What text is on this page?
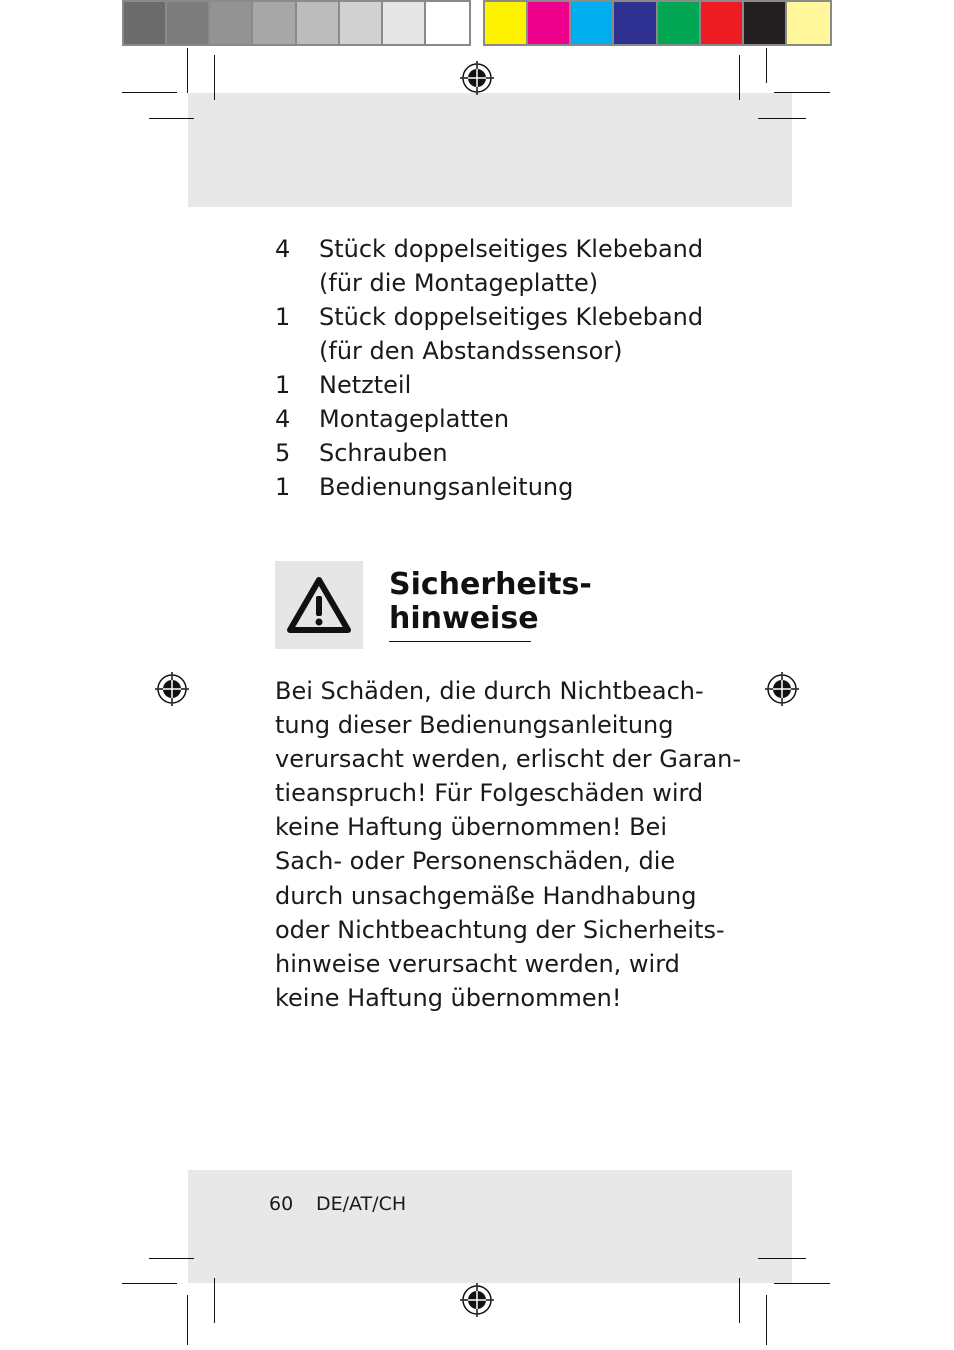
4	Stück doppelseitiges Klebeband
(für die Montageplatte)
1	Stück doppelseitiges Klebeband
(für den Abstandssensor)
1	Netzteil
4	Montageplatten
5	Schrauben
1	Bedienungsanleitung
Sicherheits-
hinweise
Bei Schäden, die durch Nichtbeach-
tung dieser Bedienungsanleitung
verursacht werden, erlischt der Garan-
tieanspruch! Für Folgeschäden wird
keine Haftung übernommen! Bei
Sach- oder Personenschäden, die
durch unsachgemäße Handhabung
oder Nichtbeachtung der Sicherheits-
hinweise verursacht werden, wird
keine Haftung übernommen!
60 DE/AT/CH
